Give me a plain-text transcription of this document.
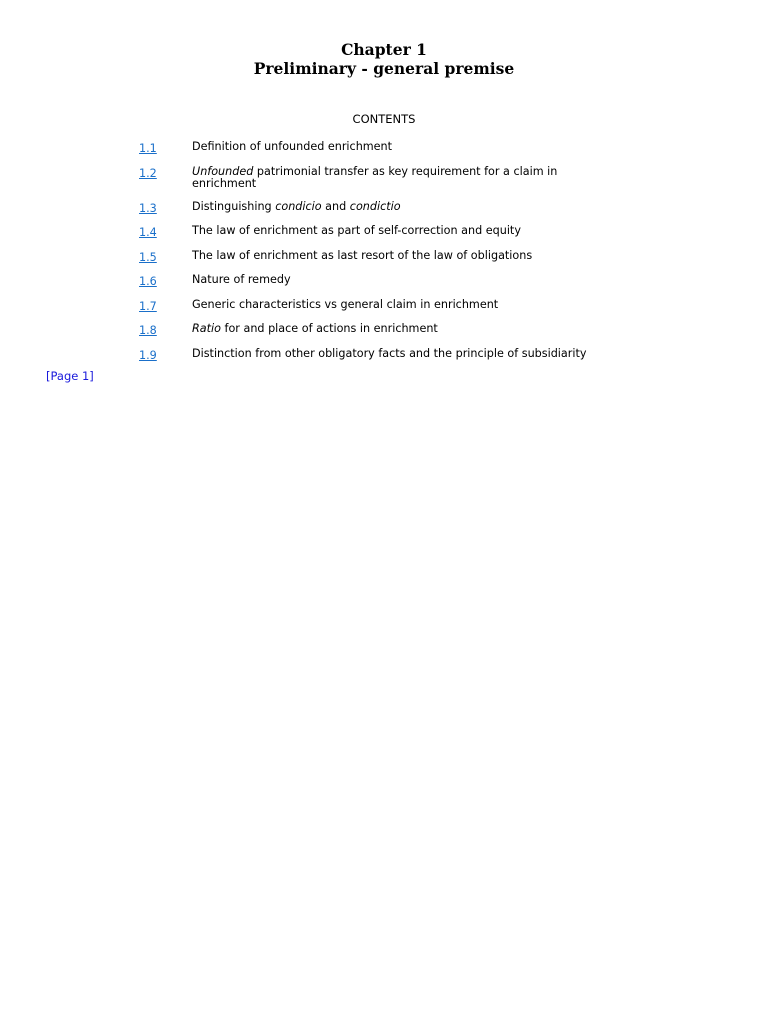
Chapter 1
Preliminary - general premise
CONTENTS
1.1	Definition of unfounded enrichment
1.2	Unfounded patrimonial transfer as key requirement for a claim in enrichment
1.3	Distinguishing condicio and condictio
1.4	The law of enrichment as part of self-correction and equity
1.5	The law of enrichment as last resort of the law of obligations
1.6	Nature of remedy
1.7	Generic characteristics vs general claim in enrichment
1.8	Ratio for and place of actions in enrichment
1.9	Distinction from other obligatory facts and the principle of subsidiarity
[Page 1]
